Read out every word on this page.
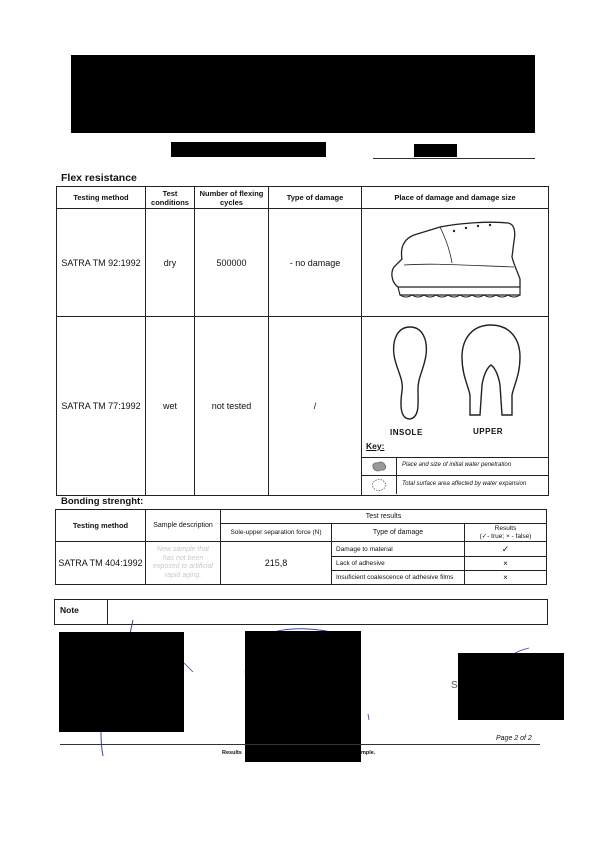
Flex resistance
Testing method	Test conditions	Number of flexing cycles	Type of damage	Place of damage and damage size
SATRA TM 92:1992	dry	500000	- no damage	
SATRA TM 77:1992	wet	not tested	/	INSOLE UPPER
Key:
Place and size of initial water penetration
Total surface area affected by water expansion
Bonding strenght:
Testing method	Sample description	Test results		
		Sole-upper separation force (N)	Type of damage	Results
(✓- true; × - false)

SATRA TM 404:1992	New sample that has not been exposed to artificial rapid aging.	215,8	Damage to material	✓
			Lack of adhesive	×
			Insuficient coalescence of adhesive films	×
Note
S
Page 2 of 2
Results	mple.
